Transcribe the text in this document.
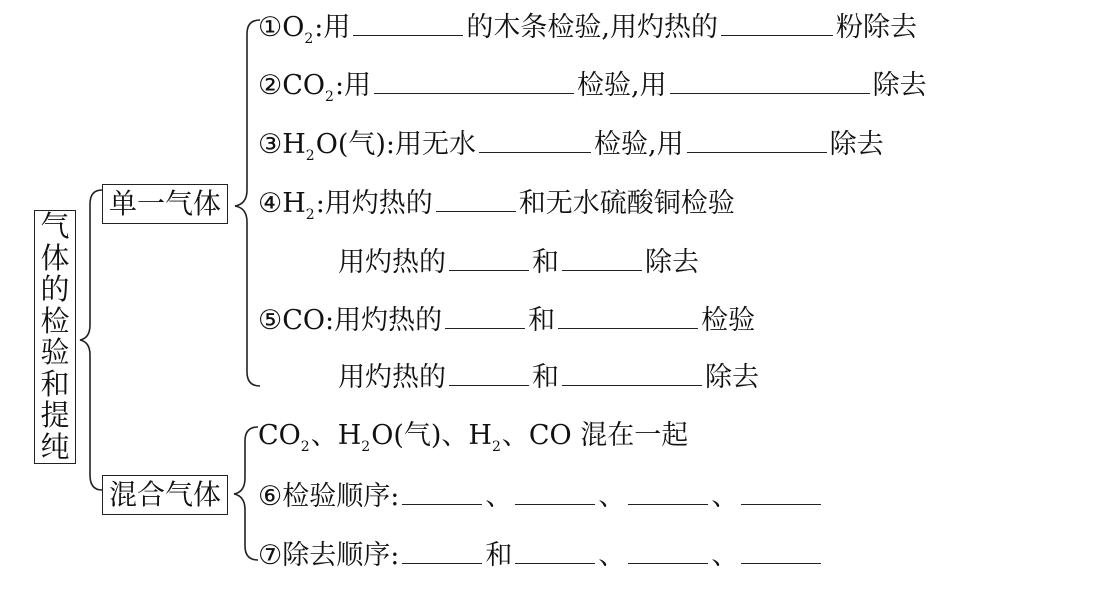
气
体
的
检
验
和
提
纯
单一气体
混合气体
① O 2 :用	的木条检验,用灼热的	粉除去
② CO 2 :用	检验,用	除去
③ H 2 O(气):用无水	检验,用	除去
④ H 2 :用灼热的	和无水硫酸铜检验
用灼热的	和	除去
⑤ CO :用灼热的	和	检验
用灼热的	和	除去
CO 2 、 H 2 O(气) 、 H 2 、 CO 混在一起
⑥ 检验顺序:	、	、	、
⑦ 除去顺序:	和	、	、
